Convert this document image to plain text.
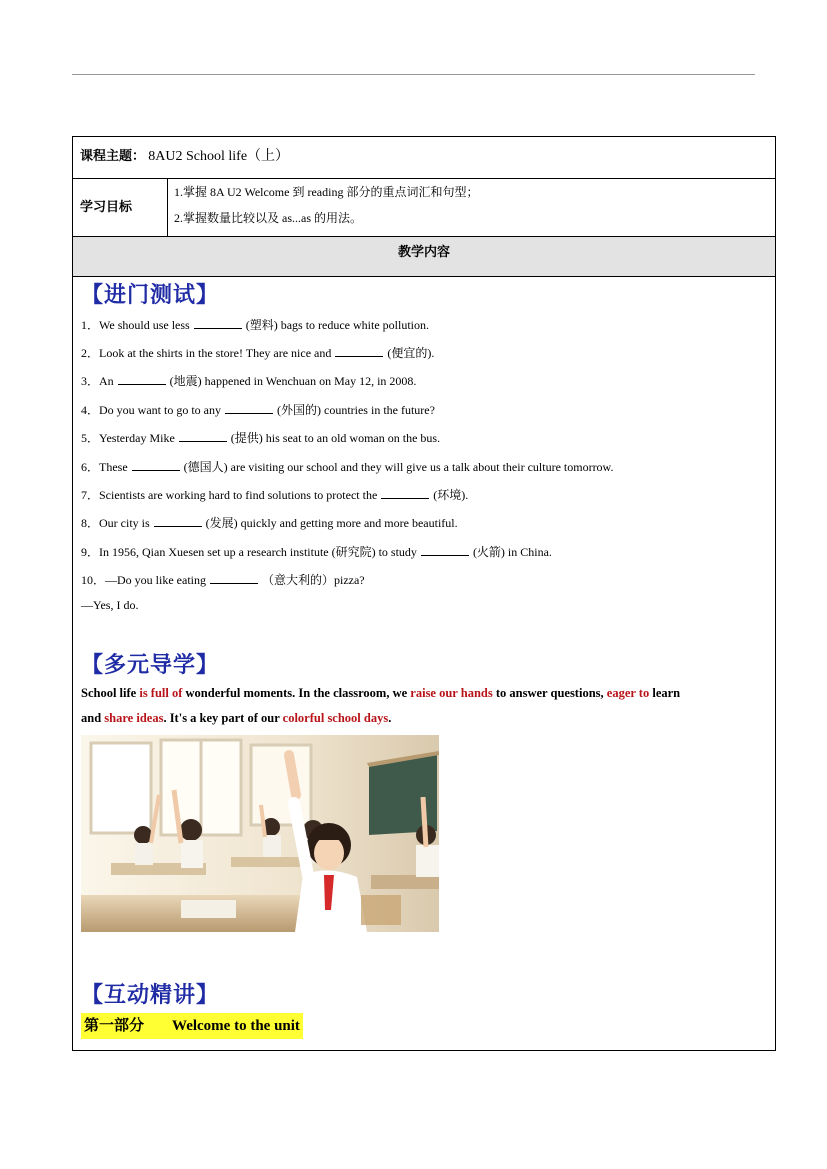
课程主题： 8AU2 School life（上）
学习目标
1.掌握 8A U2 Welcome 到 reading 部分的重点词汇和句型；
2.掌握数量比较以及 as...as 的用法。
教学内容
【进门测试】
1．We should use less	(塑料) bags to reduce white pollution.
2．Look at the shirts in the store! They are nice and	(便宜的).
3．An	(地震) happened in Wenchuan on May 12, in 2008.
4．Do you want to go to any	(外国的) countries in the future?
5．Yesterday Mike	(提供) his seat to an old woman on the bus.
6．These	(德国人) are visiting our school and they will give us a talk about their culture tomorrow.
7．Scientists are working hard to find solutions to protect the	(环境).
8．Our city is	(发展) quickly and getting more and more beautiful.
9．In 1956, Qian Xuesen set up a research institute (研究院) to study	(火箭) in China.
10．—Do you like eating	（意大利的）pizza?
—Yes, I do.
【多元导学】
School life is full of wonderful moments. In the classroom, we raise our hands to answer questions, eager to learn
and share ideas. It's a key part of our colorful school days.
【互动精讲】
第一部分 Welcome to the unit
